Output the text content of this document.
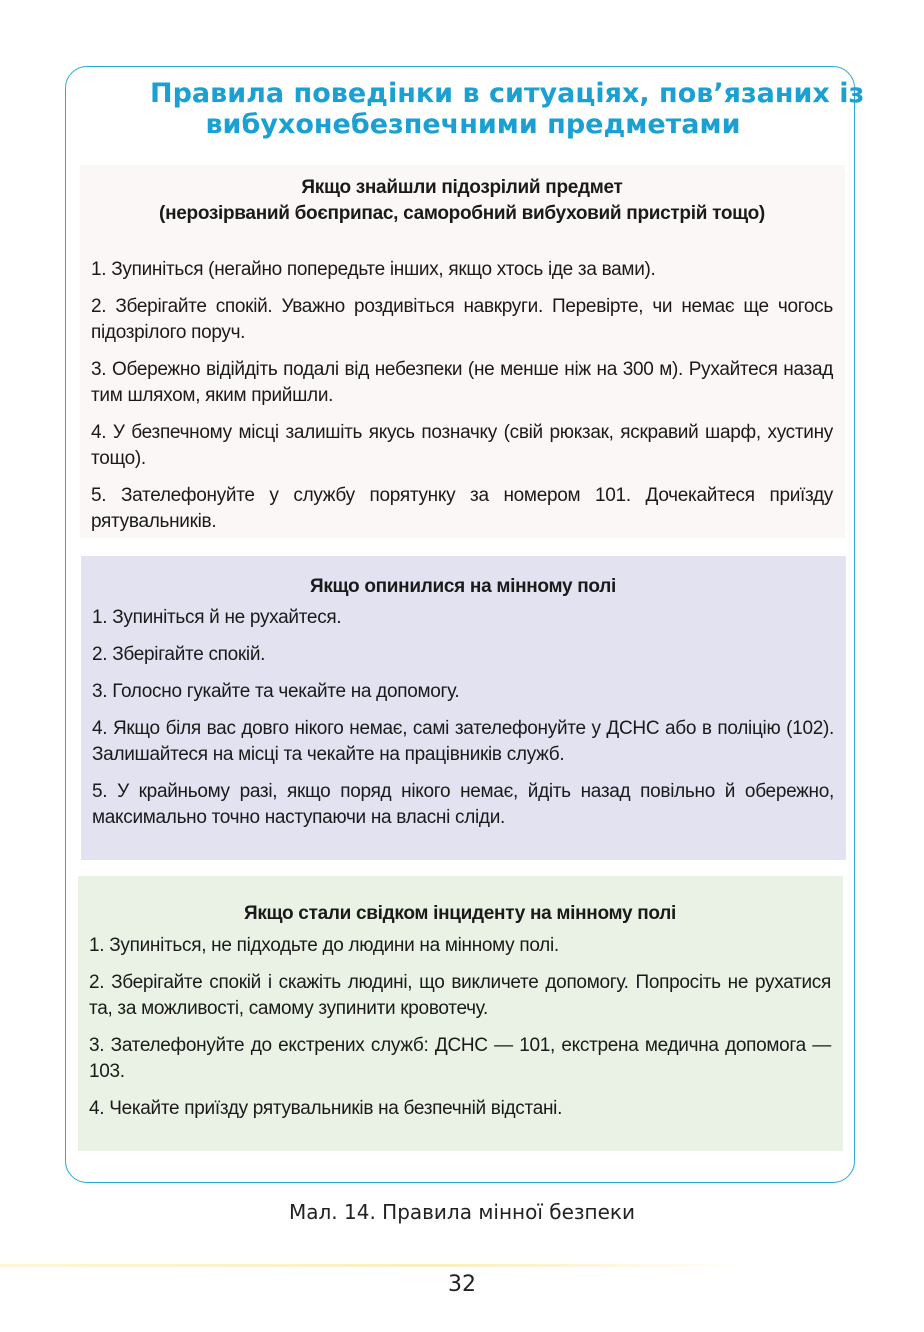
Правила поведінки в ситуаціях, пов’язаних із
вибухонебезпечними предметами
Якщо знайшли підозрілий предмет
(нерозірваний боєприпас, саморобний вибуховий пристрій тощо)
1. Зупиніться (негайно попередьте інших, якщо хтось іде за вами).
2. Зберігайте спокій. Уважно роздивіться навкруги. Перевірте, чи немає ще чогось підозрілого поруч.
3. Обережно відійдіть подалі від небезпеки (не менше ніж на 300 м). Рухайтеся назад тим шляхом, яким прийшли.
4. У безпечному місці залишіть якусь позначку (свій рюкзак, яскравий шарф, хустину тощо).
5. Зателефонуйте у службу порятунку за номером 101. Дочекайтеся приїзду рятувальників.
Якщо опинилися на мінному полі
1. Зупиніться й не рухайтеся.
2. Зберігайте спокій.
3. Голосно гукайте та чекайте на допомогу.
4. Якщо біля вас довго нікого немає, самі зателефонуйте у ДСНС або в поліцію (102). Залишайтеся на місці та чекайте на працівників служб.
5. У крайньому разі, якщо поряд нікого немає, йдіть назад повільно й обережно, максимально точно наступаючи на власні сліди.
Якщо стали свідком інциденту на мінному полі
1. Зупиніться, не підходьте до людини на мінному полі.
2. Зберігайте спокій і скажіть людині, що викличете допомогу. Попросіть не рухатися та, за можливості, самому зупинити кровотечу.
3. Зателефонуйте до екстрених служб: ДСНС — 101, екстрена медична допомога — 103.
4. Чекайте приїзду рятувальників на безпечній відстані.
Мал. 14. Правила мінної безпеки
32
